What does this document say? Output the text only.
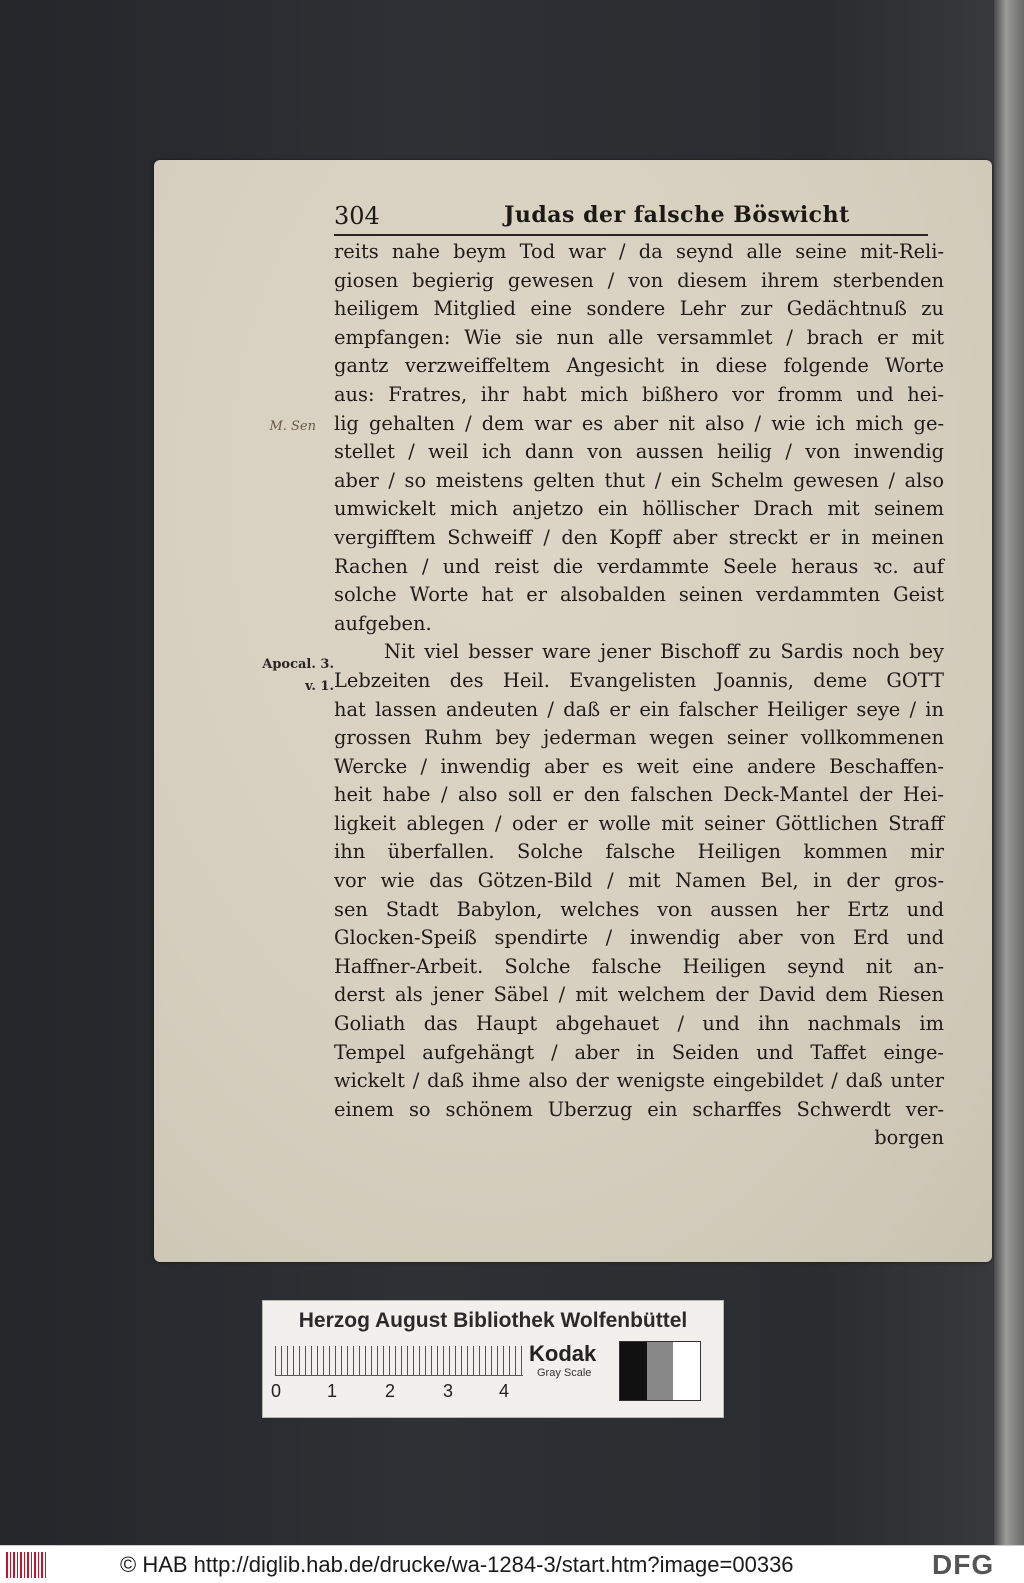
304	Judas der falsche Böswicht
M. Sen
Apocal. 3. v. 1.
reits nahe beym Tod war / da seynd alle seine mit-Reli-
giosen begierig gewesen / von diesem ihrem sterbenden
heiligem Mitglied eine sondere Lehr zur Gedächtnuß zu
empfangen: Wie sie nun alle versammlet / brach er mit
gantz verzweiffeltem Angesicht in diese folgende Worte
aus: Fratres, ihr habt mich bißhero vor fromm und hei-
lig gehalten / dem war es aber nit also / wie ich mich ge-
stellet / weil ich dann von aussen heilig / von inwendig
aber / so meistens gelten thut / ein Schelm gewesen / also
umwickelt mich anjetzo ein höllischer Drach mit seinem
vergifftem Schweiff / den Kopff aber streckt er in meinen
Rachen / und reist die verdammte Seele heraus ꝛc. auf
solche Worte hat er alsobalden seinen verdammten Geist
aufgeben.
Nit viel besser ware jener Bischoff zu Sardis noch bey
Lebzeiten des Heil. Evangelisten Joannis, deme GOTT
hat lassen andeuten / daß er ein falscher Heiliger seye / in
grossen Ruhm bey jederman wegen seiner vollkommenen
Wercke / inwendig aber es weit eine andere Beschaffen-
heit habe / also soll er den falschen Deck-Mantel der Hei-
ligkeit ablegen / oder er wolle mit seiner Göttlichen Straff
ihn überfallen. Solche falsche Heiligen kommen mir
vor wie das Götzen-Bild / mit Namen Bel, in der gros-
sen Stadt Babylon, welches von aussen her Ertz und
Glocken-Speiß spendirte / inwendig aber von Erd und
Haffner-Arbeit. Solche falsche Heiligen seynd nit an-
derst als jener Säbel / mit welchem der David dem Riesen
Goliath das Haupt abgehauet / und ihn nachmals im
Tempel aufgehängt / aber in Seiden und Taffet einge-
wickelt / daß ihme also der wenigste eingebildet / daß unter
einem so schönem Uberzug ein scharffes Schwerdt ver-
borgen
Herzog August Bibliothek Wolfenbüttel
0	1	2	3	4
Kodak
Gray Scale
© HAB http://diglib.hab.de/drucke/wa-1284-3/start.htm?image=00336	DFG
